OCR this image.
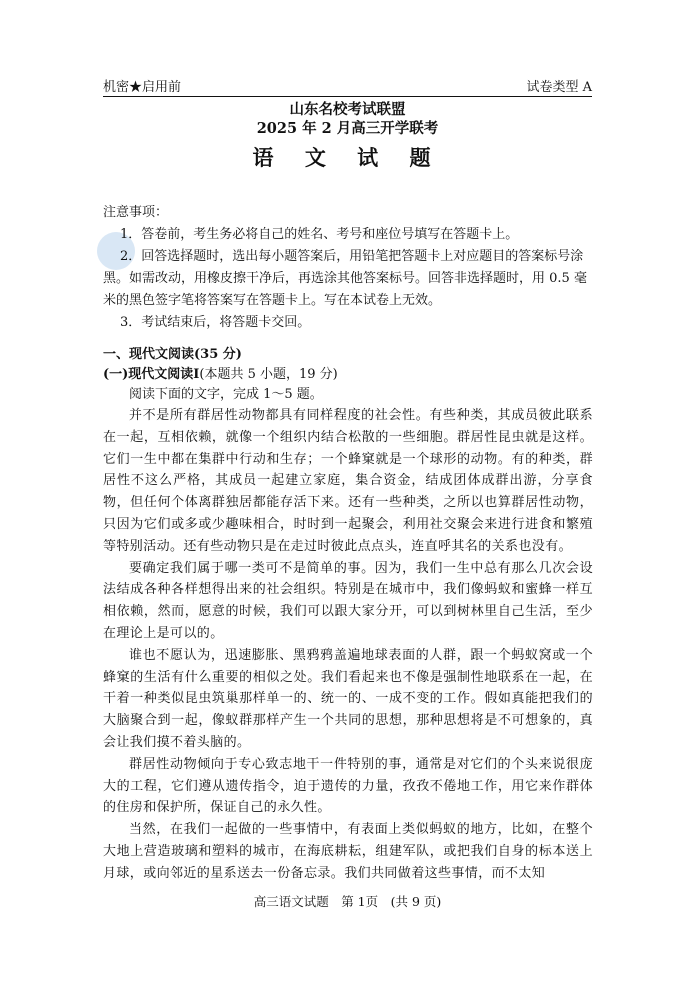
机密★启用前	试卷类型 A
山东名校考试联盟
2025 年 2 月高三开学联考
语 文 试 题

注意事项：

1．答卷前，考生务必将自己的姓名、考号和座位号填写在答题卡上。

2．回答选择题时，选出每小题答案后，用铅笔把答题卡上对应题目的答案标号涂黑。如需改动，用橡皮擦干净后，再选涂其他答案标号。回答非选择题时，用 0.5 毫米的黑色签字笔将答案写在答题卡上。写在本试卷上无效。

3．考试结束后，将答题卡交回。

一、现代文阅读(35 分)

(一)现代文阅读Ⅰ(本题共 5 小题，19 分)

阅读下面的文字，完成 1～5 题。

并不是所有群居性动物都具有同样程度的社会性。有些种类，其成员彼此联系在一起，互相依赖，就像一个组织内结合松散的一些细胞。群居性昆虫就是这样。它们一生中都在集群中行动和生存；一个蜂窠就是一个球形的动物。有的种类，群居性不这么严格，其成员一起建立家庭，集合资金，结成团体成群出游，分享食物，但任何个体离群独居都能存活下来。还有一些种类，之所以也算群居性动物，只因为它们或多或少趣味相合，时时到一起聚会，利用社交聚会来进行进食和繁殖等特别活动。还有些动物只是在走过时彼此点点头，连直呼其名的关系也没有。

要确定我们属于哪一类可不是简单的事。因为，我们一生中总有那么几次会设法结成各种各样想得出来的社会组织。特别是在城市中，我们像蚂蚁和蜜蜂一样互相依赖，然而，愿意的时候，我们可以跟大家分开，可以到树林里自己生活，至少在理论上是可以的。

谁也不愿认为，迅速膨胀、黑鸦鸦盖遍地球表面的人群，跟一个蚂蚁窝或一个蜂窠的生活有什么重要的相似之处。我们看起来也不像是强制性地联系在一起，在干着一种类似昆虫筑巢那样单一的、统一的、一成不变的工作。假如真能把我们的大脑聚合到一起，像蚁群那样产生一个共同的思想，那种思想将是不可想象的，真会让我们摸不着头脑的。

群居性动物倾向于专心致志地干一件特别的事，通常是对它们的个头来说很庞大的工程，它们遵从遗传指令，迫于遗传的力量，孜孜不倦地工作，用它来作群体的住房和保护所，保证自己的永久性。

当然，在我们一起做的一些事情中，有表面上类似蚂蚁的地方，比如，在整个大地上营造玻璃和塑料的城市，在海底耕耘，组建军队，或把我们自身的标本送上月球，或向邻近的星系送去一份备忘录。我们共同做着这些事情，而不太知

高三语文试题　第 1页　(共 9 页)
